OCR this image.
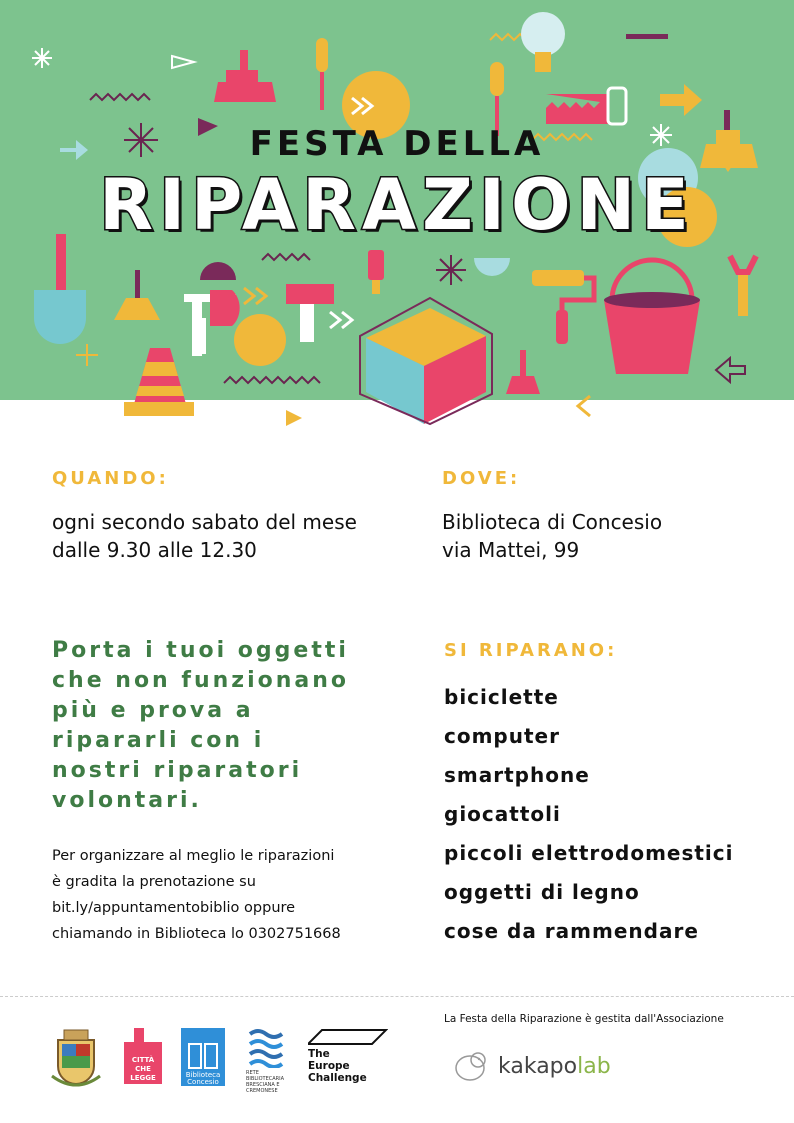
FESTA DELLA
RIPARAZIONE
QUANDO:
ogni secondo sabato del mese
dalle 9.30 alle 12.30
DOVE:
Biblioteca di Concesio
via Mattei, 99
Porta i tuoi oggetti
che non funzionano
più e prova a
ripararli con i
nostri riparatori
volontari.
Per organizzare al meglio le riparazioni
è gradita la prenotazione su
bit.ly/appuntamentobiblio oppure
chiamando in Biblioteca lo 0302751668
SI RIPARANO:
biciclette
computer
smartphone
giocattoli
piccoli elettrodomestici
oggetti di legno
cose da rammendare
La Festa della Riparazione è gestita dall'Associazione
CITTÀ CHE LEGGE	Biblioteca Concesio
RETE BIBLIOTECARIA BRESCIANA E CREMONESE
The
Europe
Challenge	kakapo lab
